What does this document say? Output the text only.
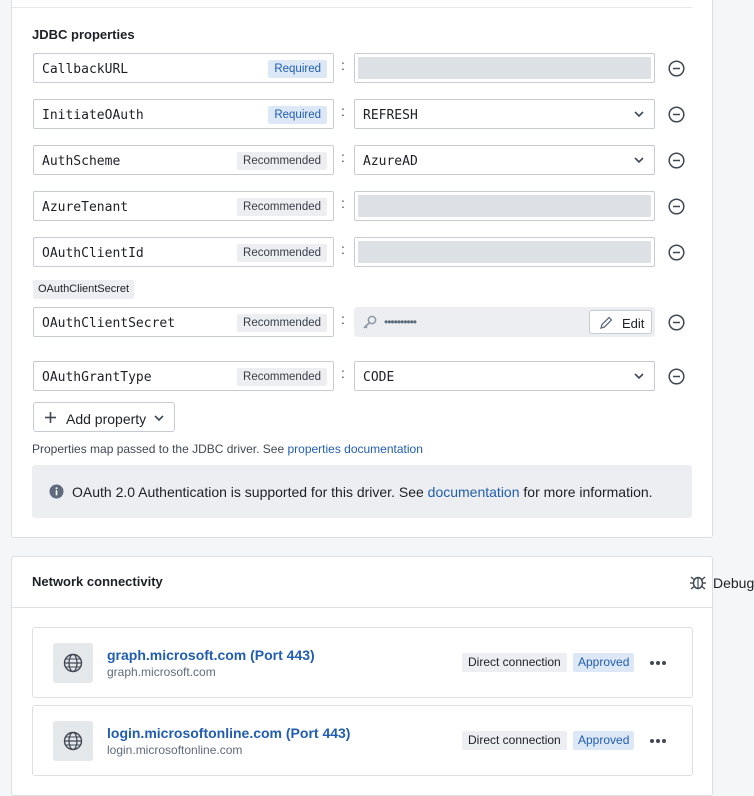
JDBC properties
CallbackURL	Required	:
InitiateOAuth	Required	: REFRESH
AuthScheme	Recommended	: AzureAD
AzureTenant	Recommended	:
OAuthClientId	Recommended	:
OAuthClientSecret
OAuthClientSecret	Recommended	:	••••••••••	Edit
OAuthGrantType	Recommended	: CODE
Add property
Properties map passed to the JDBC driver. See properties documentation
OAuth 2.0 Authentication is supported for this driver. See documentation for more information.
Network connectivity	Debug
graph.microsoft.com (Port 443)
graph.microsoft.com
Direct connection	Approved
login.microsoftonline.com (Port 443)
login.microsoftonline.com
Direct connection	Approved
